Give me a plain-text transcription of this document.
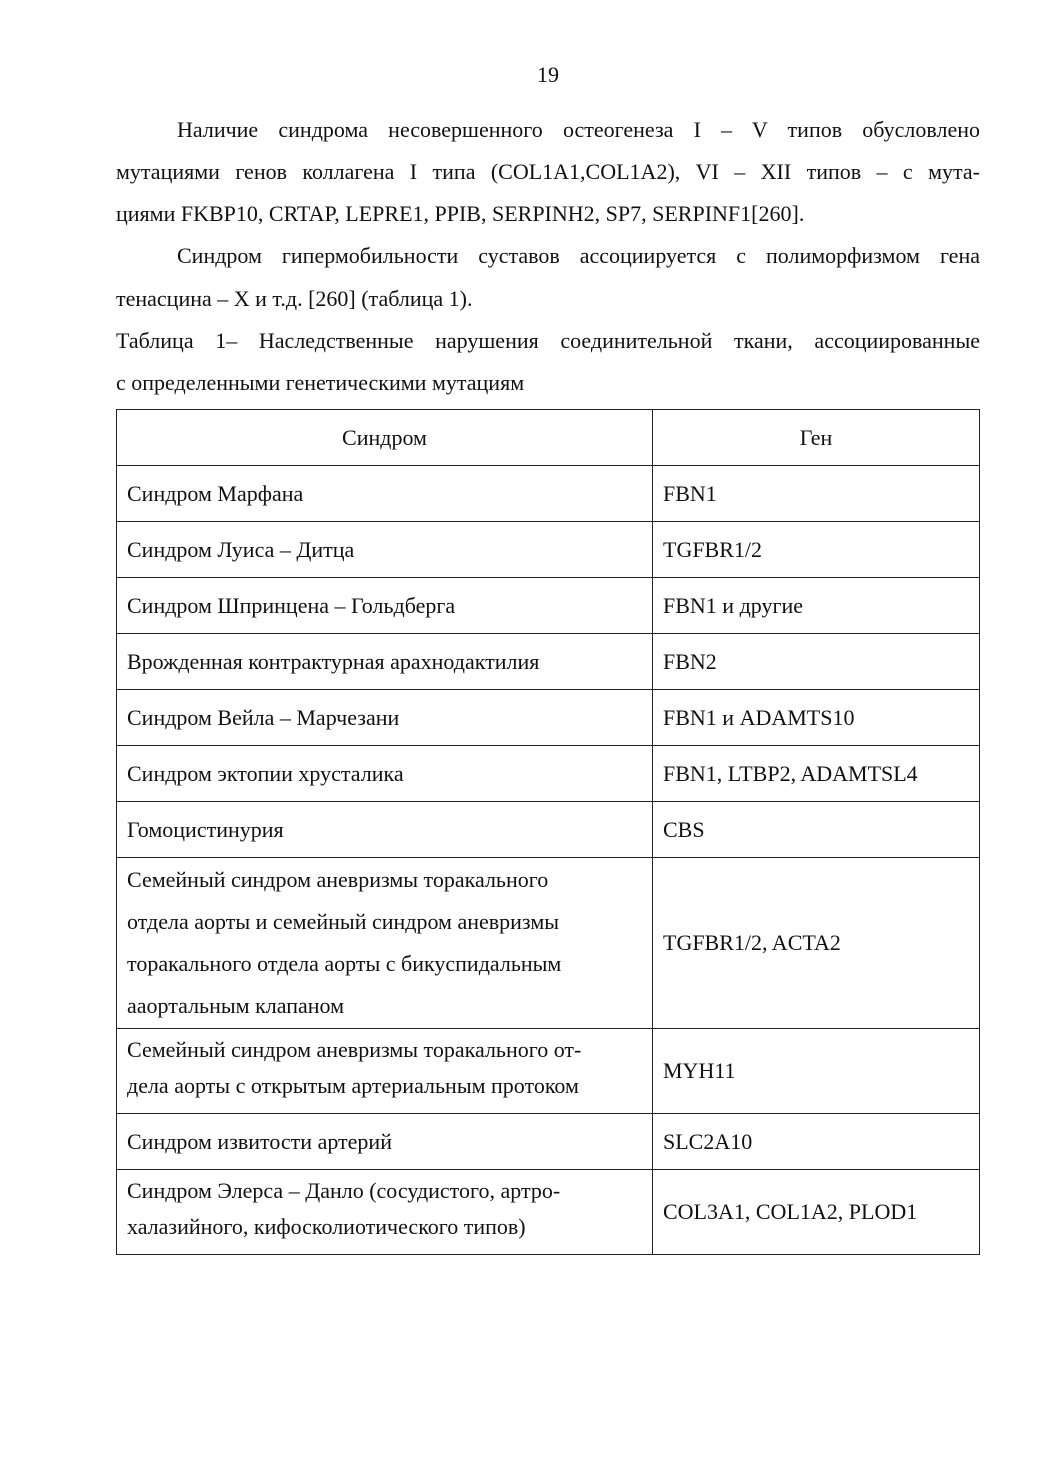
19
Наличие синдрома несовершенного остеогенеза I – V типов обусловлено
мутациями генов коллагена I типа (COL1A1,COL1A2), VI – XII типов – с мута-
циями FKBP10, CRTAP, LEPRE1, PPIB, SERPINH2, SP7, SERPINF1[260].
Синдром гипермобильности суставов ассоциируется с полиморфизмом гена
тенасцина – X и т.д. [260] (таблица 1).
Таблица 1– Наследственные нарушения соединительной ткани, ассоциированные
с определенными генетическими мутациям
Синдром	Ген
Синдром Марфана	FBN1
Синдром Луиса – Дитца	TGFBR1/2
Синдром Шпринцена – Гольдберга	FBN1 и другие
Врожденная контрактурная арахнодактилия	FBN2
Синдром Вейла – Марчезани	FBN1 и ADAMTS10
Синдром эктопии хрусталика	FBN1, LTBP2, ADAMTSL4
Гомоцистинурия	CBS

Семейный синдром аневризмы торакального
отдела аорты и семейный синдром аневризмы
торакального отдела аорты с бикуспидальным
ааортальным клапаном	TGFBR1/2, ACTA2

Семейный синдром аневризмы торакального от-
дела аорты с открытым артериальным протоком	MYH11
Синдром извитости артерий	SLC2A10

Синдром Элерса – Данло (сосудистого, артро-
халазийного, кифосколиотического типов)	COL3A1, COL1A2, PLOD1
